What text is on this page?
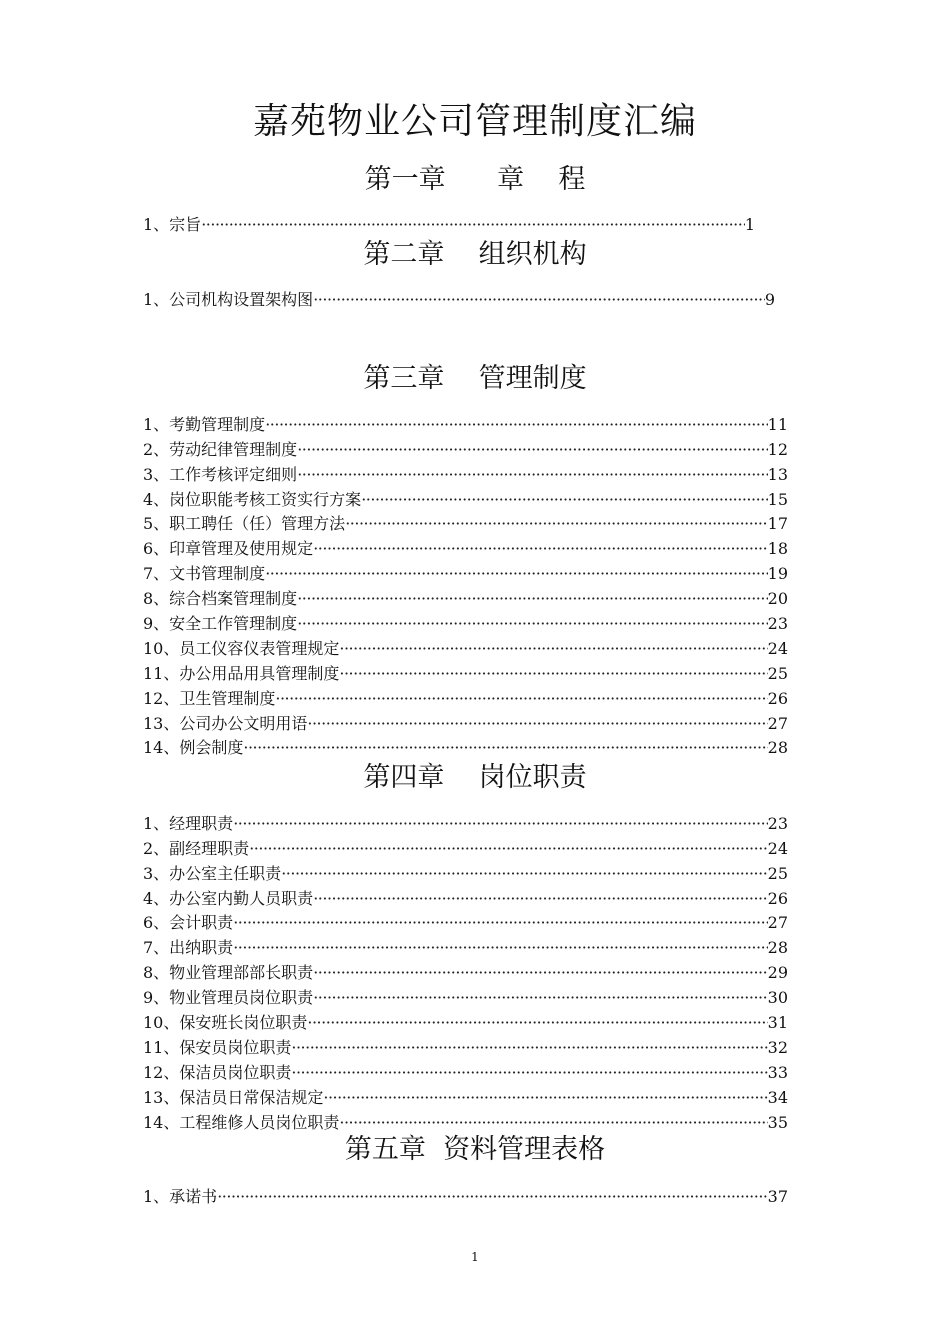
嘉苑物业公司管理制度汇编
第一章      章    程
1、宗旨 ·····	1
第二章    组织机构
1、公司机构设置架构图 ·····	9
第三章    管理制度
1、考勤管理制度 ·····	11
2、劳动纪律管理制度 ·····	12
3、工作考核评定细则 ·····	13
4、岗位职能考核工资实行方案 ·····	15
5、职工聘任（任）管理方法 ·····	17
6、印章管理及使用规定 ·····	18
7、文书管理制度 ·····	19
8、综合档案管理制度 ·····	20
9、安全工作管理制度 ·····	23
10、员工仪容仪表管理规定 ·····	24
11、办公用品用具管理制度 ·····	25
12、卫生管理制度 ·····	26
13、公司办公文明用语 ·····	27
14、例会制度 ·····	28
第四章    岗位职责
1、经理职责 ·····	23
2、副经理职责 ·····	24
3、办公室主任职责 ·····	25
4、办公室内勤人员职责 ·····	26
6、会计职责 ·····	27
7、出纳职责 ·····	28
8、物业管理部部长职责 ·····	29
9、物业管理员岗位职责 ·····	30
10、保安班长岗位职责 ·····	31
11、保安员岗位职责 ·····	32
12、保洁员岗位职责 ·····	33
13、保洁员日常保洁规定 ·····	34
14、工程维修人员岗位职责 ·····	35
第五章  资料管理表格
1、承诺书 ·····	37
1
